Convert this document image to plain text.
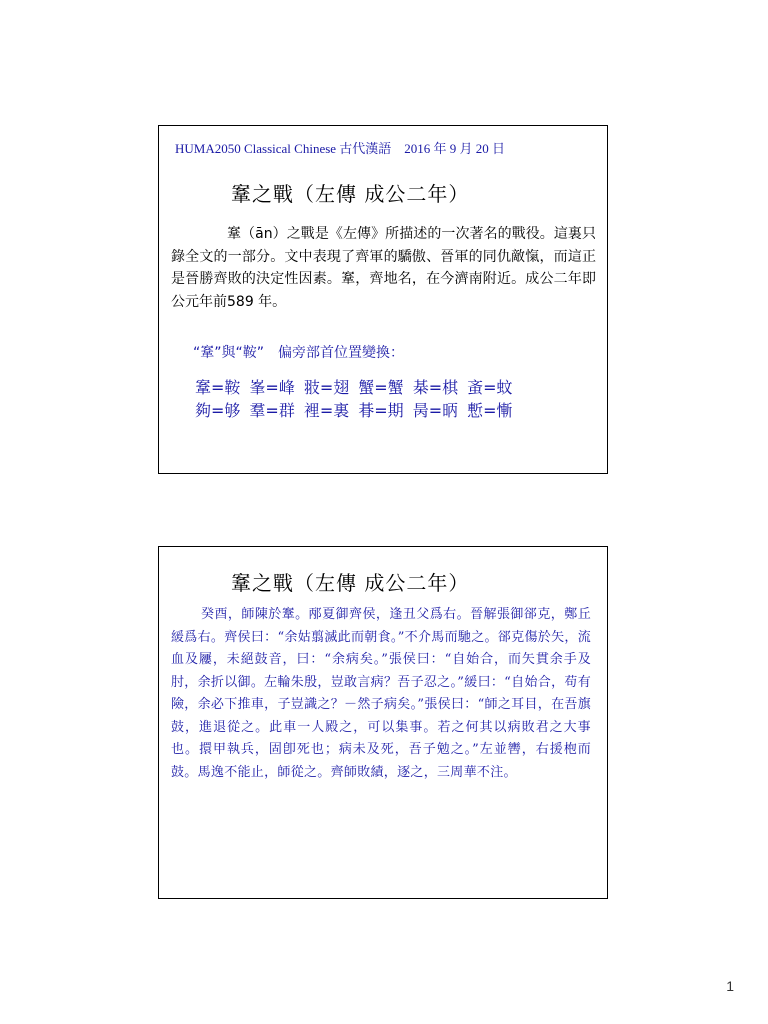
HUMA2050 Classical Chinese 古代漢語　2016 年 9 月 20 日
鞌之戰（左傳 成公二年）
鞌（ān）之戰是《左傳》所描述的一次著名的戰役。這裏只錄全文的一部分。文中表現了齊軍的驕傲、晉軍的同仇敵愾，而這正是晉勝齊敗的決定性因素。鞌，齊地名，在今濟南附近。成公二年即公元年前589 年。
“鞌”與“鞍”　偏旁部首位置變換：
鞌=鞍 峯=峰 翄=翅 蟹=蟹 棊=棋 蚉=蚊
夠=够 羣=群 裡=裏 朞=期 昺=昞 慙=慚
鞌之戰（左傳 成公二年）
癸酉，師陳於鞌。邴夏御齊侯，逢丑父爲右。晉解張御郤克，鄭丘緩爲右。齊侯曰：“余姑翦滅此而朝食。”不介馬而馳之。郤克傷於矢，流血及屨，未絕鼓音，曰：“余病矣。”張侯曰：“自始合，而矢貫余手及肘，余折以御。左輪朱殷，豈敢言病？吾子忍之。”緩曰：“自始合，苟有險，余必下推車，子豈識之？－然子病矣。”張侯曰：“師之耳目，在吾旗鼓，進退從之。此車一人殿之，可以集事。若之何其以病敗君之大事也。擐甲執兵，固卽死也；病未及死，吾子勉之。”左並轡，右援枹而鼓。馬逸不能止，師從之。齊師敗績，逐之，三周華不注。
1
